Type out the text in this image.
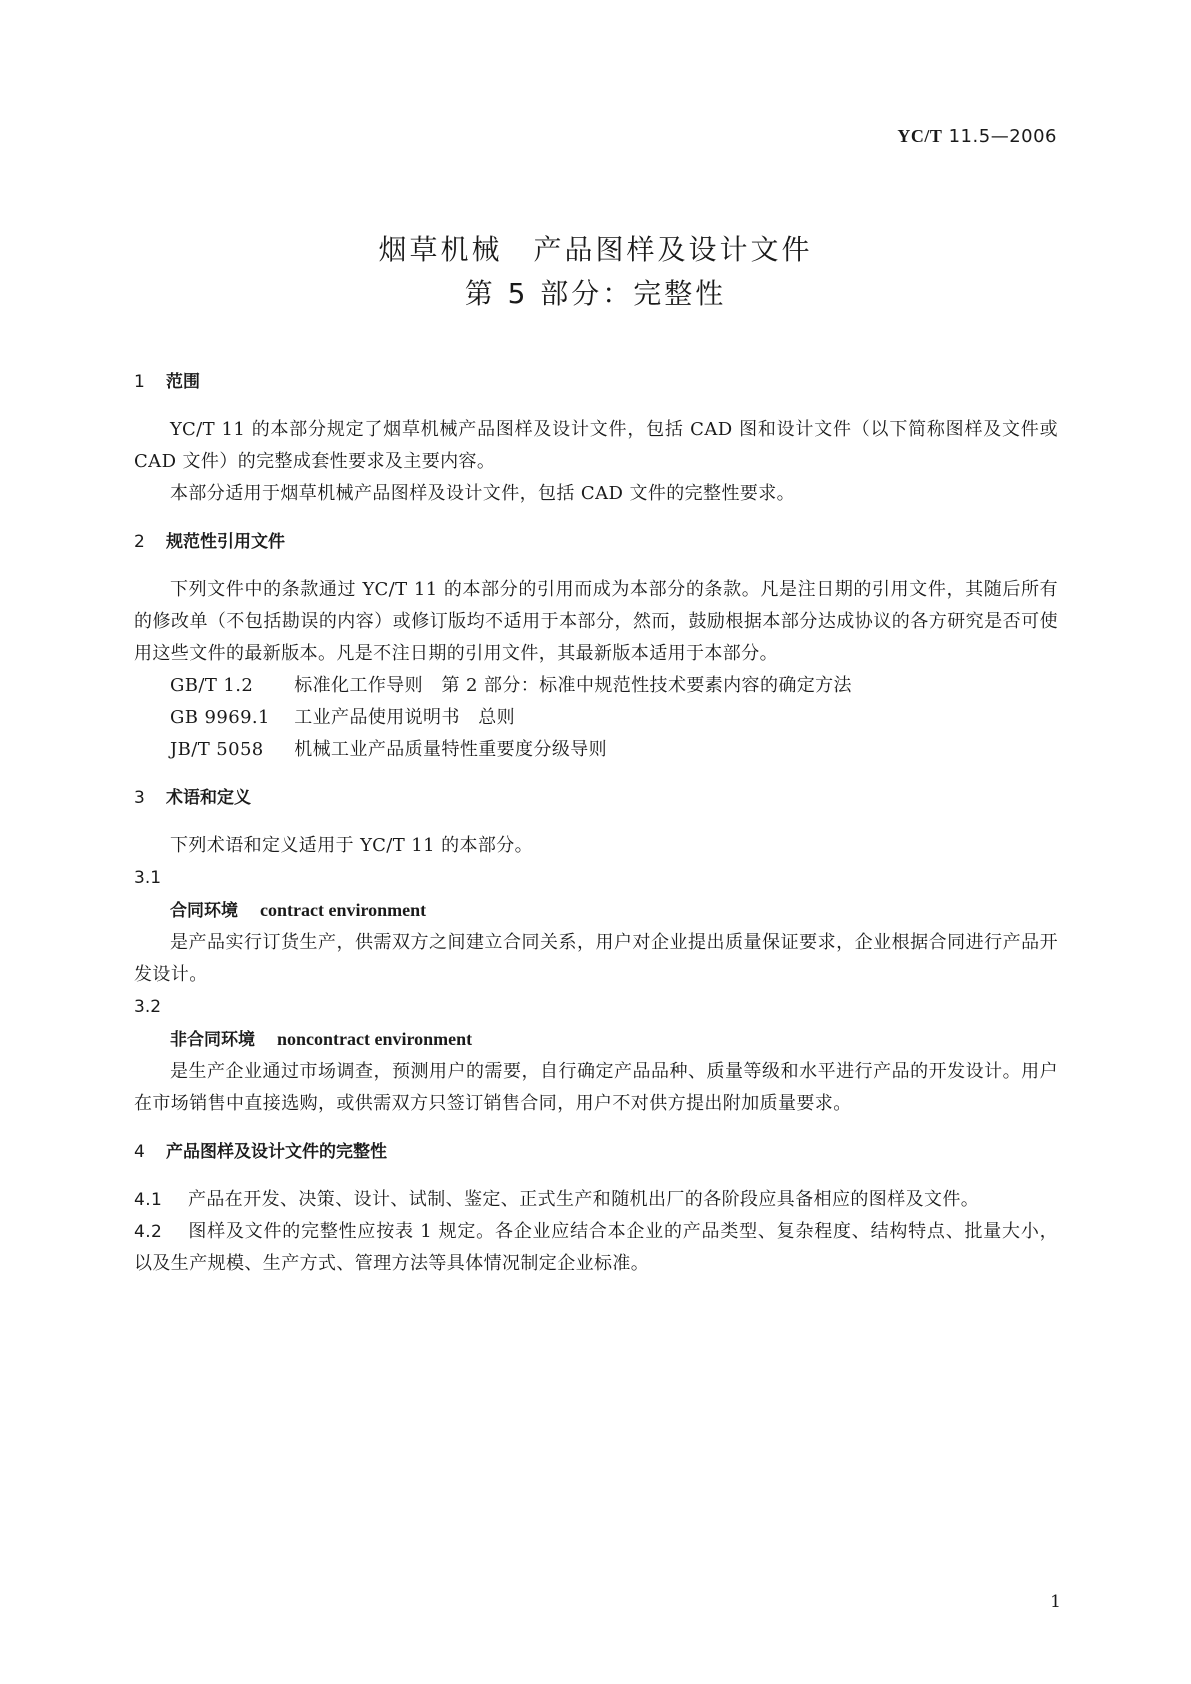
YC/T 11.5—2006
烟草机械　产品图样及设计文件
第 5 部分：完整性
1 范围

YC/T 11 的本部分规定了烟草机械产品图样及设计文件，包括 CAD 图和设计文件（以下简称图样及文件或 CAD 文件）的完整成套性要求及主要内容。

本部分适用于烟草机械产品图样及设计文件，包括 CAD 文件的完整性要求。

2 规范性引用文件

下列文件中的条款通过 YC/T 11 的本部分的引用而成为本部分的条款。凡是注日期的引用文件，其随后所有的修改单（不包括勘误的内容）或修订版均不适用于本部分，然而，鼓励根据本部分达成协议的各方研究是否可使用这些文件的最新版本。凡是不注日期的引用文件，其最新版本适用于本部分。

GB/T 1.2 标准化工作导则　第 2 部分：标准中规范性技术要素内容的确定方法

GB 9969.1 工业产品使用说明书　总则

JB/T 5058 机械工业产品质量特性重要度分级导则

3 术语和定义

下列术语和定义适用于 YC/T 11 的本部分。

3.1

合同环境 contract environment

是产品实行订货生产，供需双方之间建立合同关系，用户对企业提出质量保证要求，企业根据合同进行产品开发设计。

3.2

非合同环境 noncontract environment

是生产企业通过市场调查，预测用户的需要，自行确定产品品种、质量等级和水平进行产品的开发设计。用户在市场销售中直接选购，或供需双方只签订销售合同，用户不对供方提出附加质量要求。

4 产品图样及设计文件的完整性

4.1 产品在开发、决策、设计、试制、鉴定、正式生产和随机出厂的各阶段应具备相应的图样及文件。

4.2 图样及文件的完整性应按表 1 规定。各企业应结合本企业的产品类型、复杂程度、结构特点、批量大小，以及生产规模、生产方式、管理方法等具体情况制定企业标准。

1
